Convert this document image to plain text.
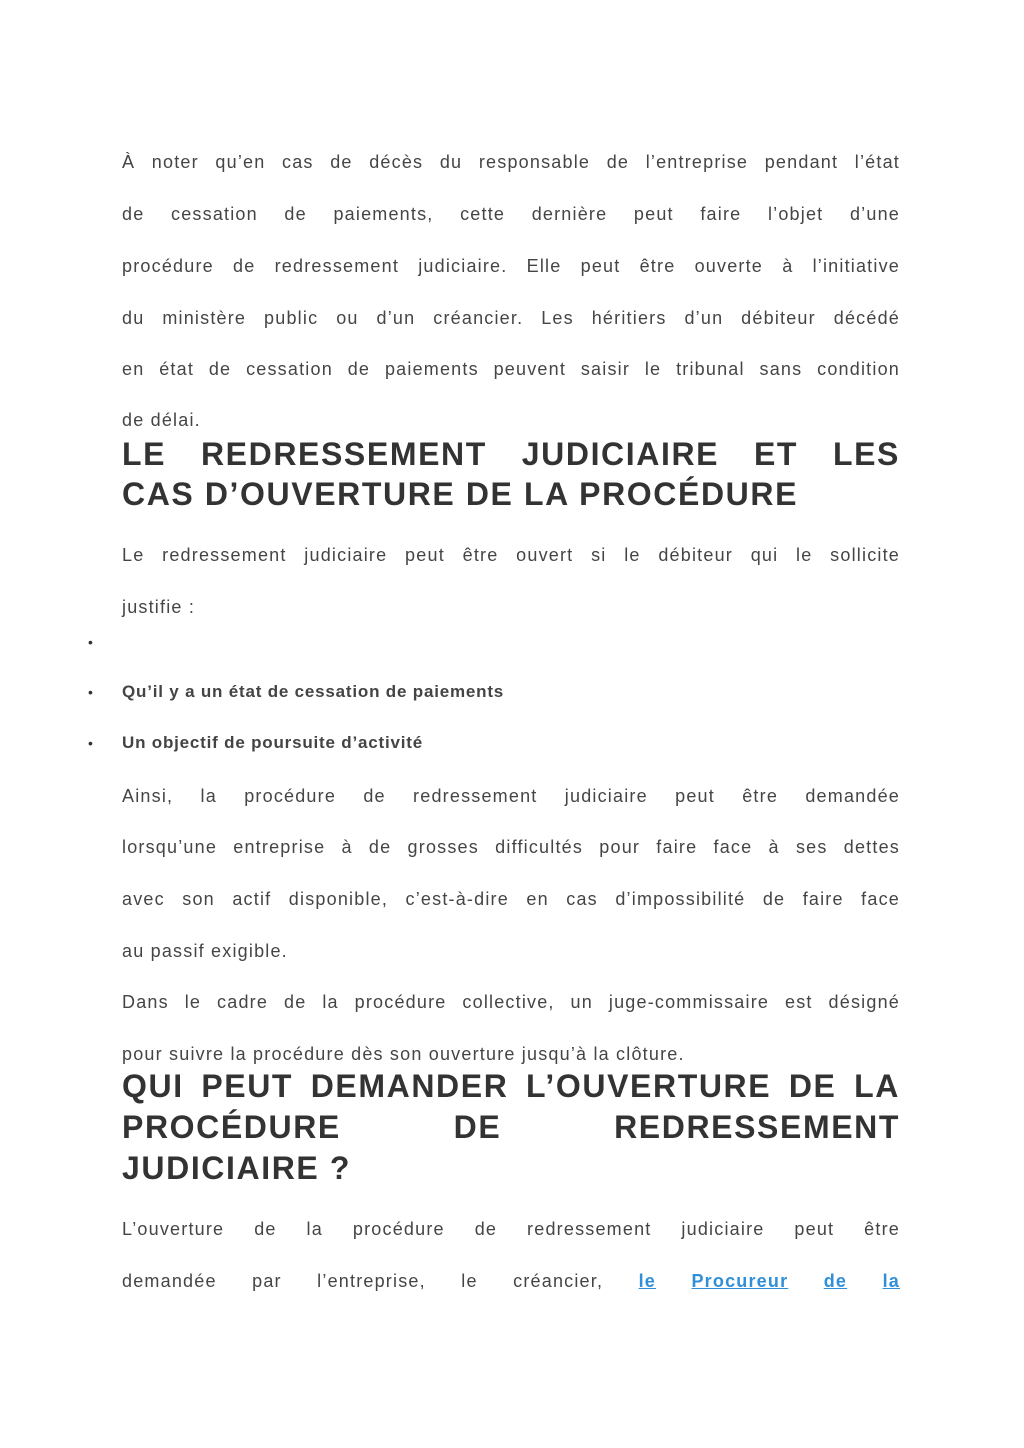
À noter qu’en cas de décès du responsable de l’entreprise pendant l’état
de cessation de paiements, cette dernière peut faire l’objet d’une
procédure de redressement judiciaire. Elle peut être ouverte à l’initiative
du ministère public ou d’un créancier. Les héritiers d’un débiteur décédé
en état de cessation de paiements peuvent saisir le tribunal sans condition
de délai.
LE REDRESSEMENT JUDICIAIRE ET LES
CAS D’OUVERTURE DE LA PROCÉDURE
Le redressement judiciaire peut être ouvert si le débiteur qui le sollicite
justifie :
•
• Qu’il y a un état de cessation de paiements
• Un objectif de poursuite d’activité
Ainsi, la procédure de redressement judiciaire peut être demandée
lorsqu’une entreprise à de grosses difficultés pour faire face à ses dettes
avec son actif disponible, c’est-à-dire en cas d’impossibilité de faire face
au passif exigible.
Dans le cadre de la procédure collective, un juge-commissaire est désigné
pour suivre la procédure dès son ouverture jusqu’à la clôture.
QUI PEUT DEMANDER L’OUVERTURE DE LA
PROCÉDURE DE REDRESSEMENT
JUDICIAIRE ?
L’ouverture de la procédure de redressement judiciaire peut être
demandée par l’entreprise, le créancier, le Procureur de la
